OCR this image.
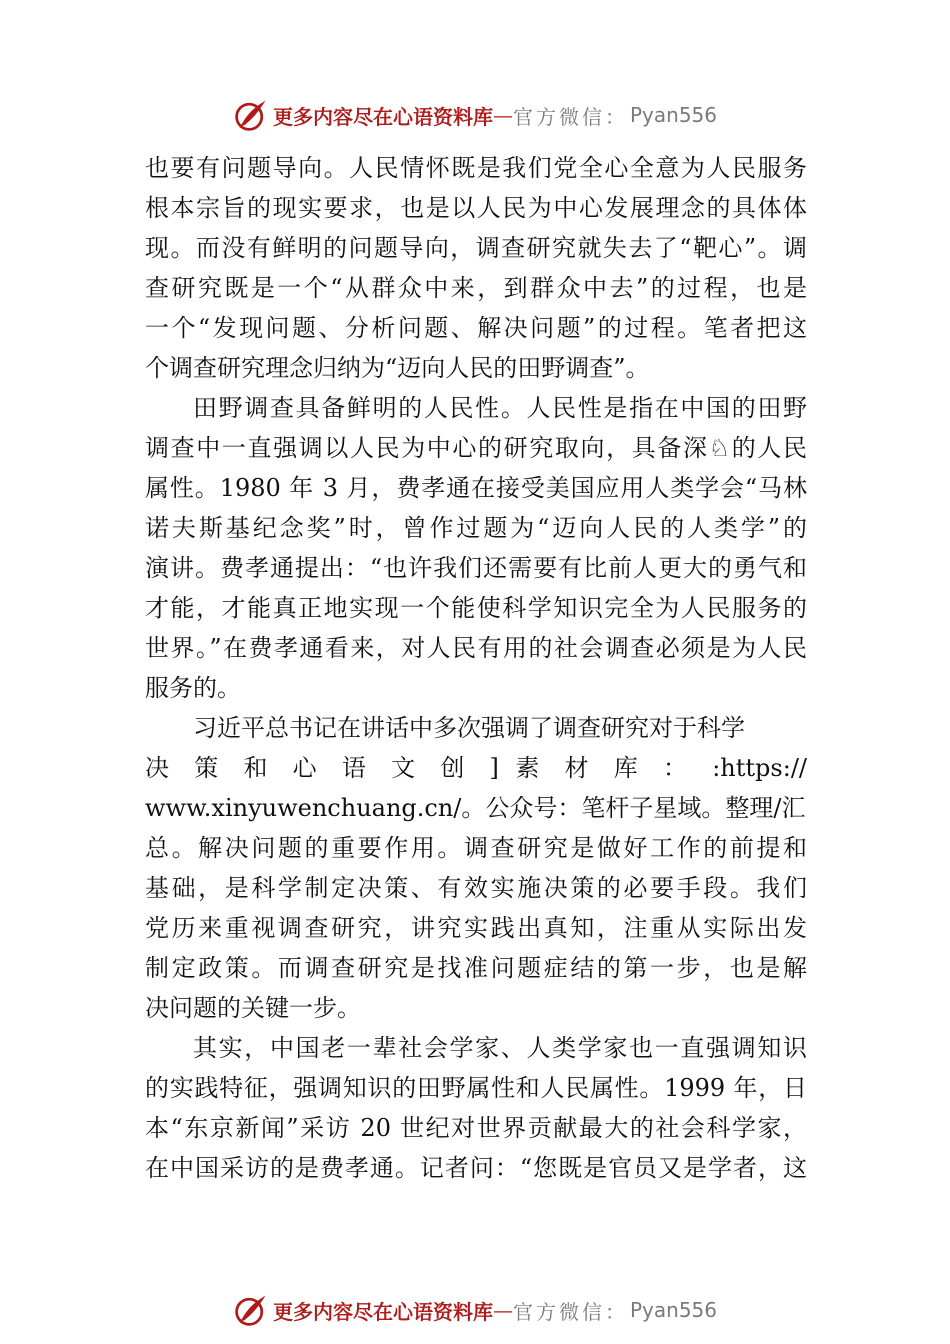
更多内容尽在心语资料库 — 官方微信： Pyan556
也要有问题导向。人民情怀既是我们党全心全意为人民服务
根本宗旨的现实要求，也是以人民为中心发展理念的具体体
现。而没有鲜明的问题导向，调查研究就失去了“靶心”。调
查研究既是一个“从群众中来，到群众中去”的过程，也是
一个“发现问题、分析问题、解决问题”的过程。笔者把这
个调查研究理念归纳为“迈向人民的田野调查”。
田野调查具备鲜明的人民性。人民性是指在中国的田野
调查中一直强调以人民为中心的研究取向，具备深♘的人民
属性。1980 年 3 月，费孝通在接受美国应用人类学会“马林
诺夫斯基纪念奖”时，曾作过题为“迈向人民的人类学”的
演讲。费孝通提出：“也许我们还需要有比前人更大的勇气和
才能，才能真正地实现一个能使科学知识完全为人民服务的
世界。”在费孝通看来，对人民有用的社会调查必须是为人民
服务的。
习近平总书记在讲话中多次强调了调查研究对于科学
决 策 和 心 语 文 创 ] 素 材 库 ： :https://
www.xinyuwenchuang.cn/。公众号：笔杆子星域。整理/汇
总。解决问题的重要作用。调查研究是做好工作的前提和
基础，是科学制定决策、有效实施决策的必要手段。我们
党历来重视调查研究，讲究实践出真知，注重从实际出发
制定政策。而调查研究是找准问题症结的第一步，也是解
决问题的关键一步。
其实，中国老一辈社会学家、人类学家也一直强调知识
的实践特征，强调知识的田野属性和人民属性。1999 年，日
本“东京新闻”采访 20 世纪对世界贡献最大的社会科学家，
在中国采访的是费孝通。记者问：“您既是官员又是学者，这
更多内容尽在心语资料库 — 官方微信： Pyan556
